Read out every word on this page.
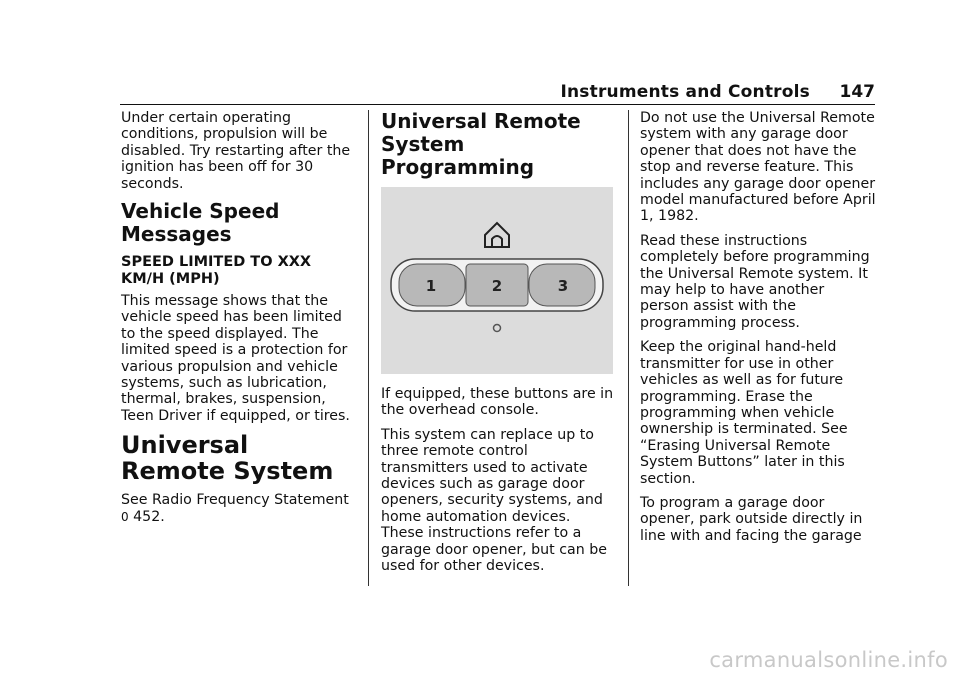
Instruments and Controls 147

Under certain operating conditions, propulsion will be disabled. Try restarting after the ignition has been off for 30 seconds.

Vehicle Speed Messages
SPEED LIMITED TO XXX KM/H (MPH)

This message shows that the vehicle speed has been limited to the speed displayed. The limited speed is a protection for various propulsion and vehicle systems, such as lubrication, thermal, brakes, suspension, Teen Driver if equipped, or tires.

Universal Remote System

See Radio Frequency Statement 0 452.

Universal Remote System Programming
1	2	3

If equipped, these buttons are in the overhead console.

This system can replace up to three remote control transmitters used to activate devices such as garage door openers, security systems, and home automation devices. These instructions refer to a garage door opener, but can be used for other devices.

Do not use the Universal Remote system with any garage door opener that does not have the stop and reverse feature. This includes any garage door opener model manufactured before April 1, 1982.

Read these instructions completely before programming the Universal Remote system. It may help to have another person assist with the programming process.

Keep the original hand-held transmitter for use in other vehicles as well as for future programming. Erase the programming when vehicle ownership is terminated. See “Erasing Universal Remote System Buttons” later in this section.

To program a garage door opener, park outside directly in line with and facing the garage

carmanualsonline.info
